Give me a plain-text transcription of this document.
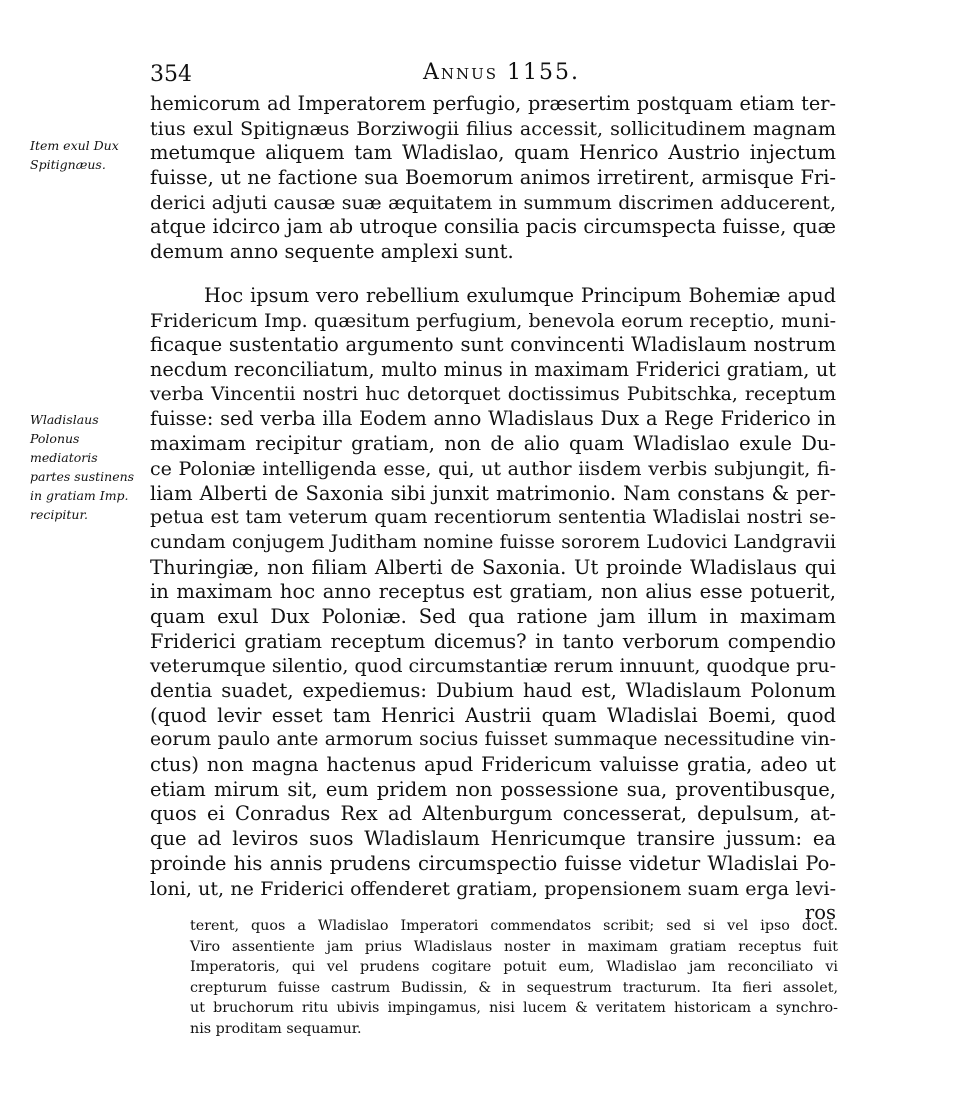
354	Annus 1155.
Item exul Dux Spitignæus.
Wladislaus Polonus mediatoris partes sustinens in gratiam Imp. recipitur.
hemicorum ad Imperatorem perfugio, præsertim postquam etiam ter-
tius exul Spitignæus Borziwogii filius accessit, sollicitudinem magnam
metumque aliquem tam Wladislao, quam Henrico Austrio injectum
fuisse, ut ne factione sua Boemorum animos irretirent, armisque Fri-
derici adjuti causæ suæ æquitatem in summum discrimen adducerent,
atque idcirco jam ab utroque consilia pacis circumspecta fuisse, quæ
demum anno sequente amplexi sunt.
Hoc ipsum vero rebellium exulumque Principum Bohemiæ apud
Fridericum Imp. quæsitum perfugium, benevola eorum receptio, muni-
ficaque sustentatio argumento sunt convincenti Wladislaum nostrum
necdum reconciliatum, multo minus in maximam Friderici gratiam, ut
verba Vincentii nostri huc detorquet doctissimus Pubitschka, receptum
fuisse: sed verba illa Eodem anno Wladislaus Dux a Rege Friderico in
maximam recipitur gratiam, non de alio quam Wladislao exule Du-
ce Poloniæ intelligenda esse, qui, ut author iisdem verbis subjungit, fi-
liam Alberti de Saxonia sibi junxit matrimonio. Nam constans & per-
petua est tam veterum quam recentiorum sententia Wladislai nostri se-
cundam conjugem Juditham nomine fuisse sororem Ludovici Landgravii
Thuringiæ, non filiam Alberti de Saxonia. Ut proinde Wladislaus qui
in maximam hoc anno receptus est gratiam, non alius esse potuerit,
quam exul Dux Poloniæ. Sed qua ratione jam illum in maximam
Friderici gratiam receptum dicemus? in tanto verborum compendio
veterumque silentio, quod circumstantiæ rerum innuunt, quodque pru-
dentia suadet, expediemus: Dubium haud est, Wladislaum Polonum
(quod levir esset tam Henrici Austrii quam Wladislai Boemi, quod
eorum paulo ante armorum socius fuisset summaque necessitudine vin-
ctus) non magna hactenus apud Fridericum valuisse gratia, adeo ut
etiam mirum sit, eum pridem non possessione sua, proventibusque,
quos ei Conradus Rex ad Altenburgum concesserat, depulsum, at-
que ad leviros suos Wladislaum Henricumque transire jussum: ea
proinde his annis prudens circumspectio fuisse videtur Wladislai Po-
loni, ut, ne Friderici offenderet gratiam, propensionem suam erga levi-
ros
terent, quos a Wladislao Imperatori commendatos scribit; sed si vel ipso doct.
Viro assentiente jam prius Wladislaus noster in maximam gratiam receptus fuit
Imperatoris, qui vel prudens cogitare potuit eum, Wladislao jam reconciliato vi
crepturum fuisse castrum Budissin, & in sequestrum tracturum. Ita fieri assolet,
ut bruchorum ritu ubivis impingamus, nisi lucem & veritatem historicam a synchro-
nis proditam sequamur.
